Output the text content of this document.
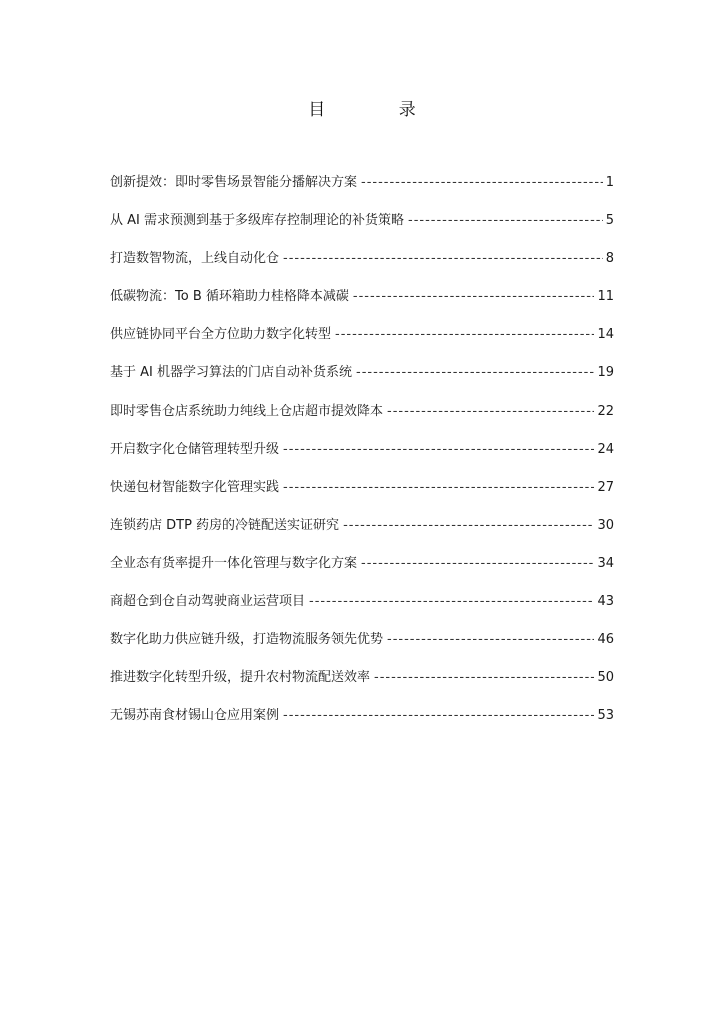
目 录
创新提效：即时零售场景智能分播解决方案 -----	1
从 AI 需求预测到基于多级库存控制理论的补货策略 -----	5
打造数智物流，上线自动化仓 -----	8
低碳物流：To B 循环箱助力桂格降本减碳 -----	11
供应链协同平台全方位助力数字化转型 -----	14
基于 AI 机器学习算法的门店自动补货系统 -----	19
即时零售仓店系统助力纯线上仓店超市提效降本 -----	22
开启数字化仓储管理转型升级 -----	24
快递包材智能数字化管理实践 -----	27
连锁药店 DTP 药房的冷链配送实证研究 -----	30
全业态有货率提升一体化管理与数字化方案 -----	34
商超仓到仓自动驾驶商业运营项目 -----	43
数字化助力供应链升级，打造物流服务领先优势 -----	46
推进数字化转型升级，提升农村物流配送效率 -----	50
无锡苏南食材锡山仓应用案例 -----	53
